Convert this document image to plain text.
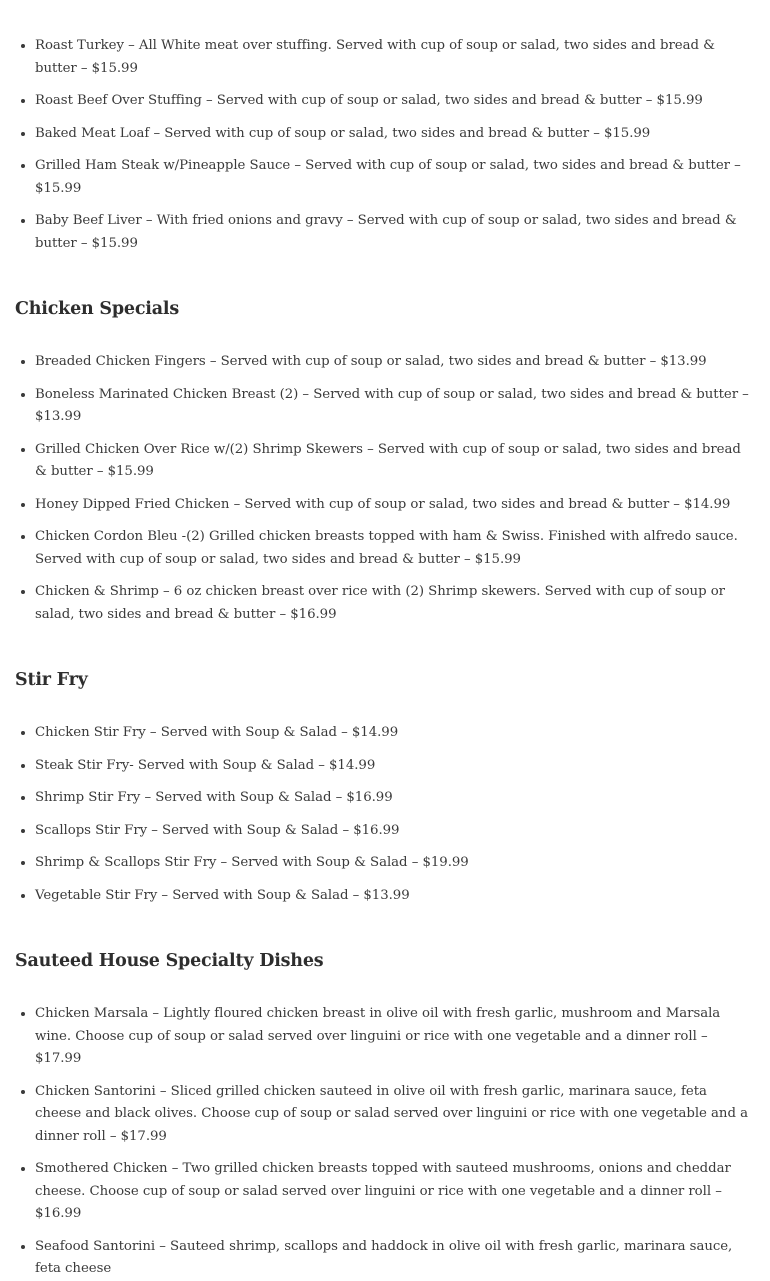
• Roast Turkey – All White meat over stuffing. Served with cup of soup or salad, two sides and bread & butter – $15.99
• Roast Beef Over Stuffing – Served with cup of soup or salad, two sides and bread & butter – $15.99
• Baked Meat Loaf – Served with cup of soup or salad, two sides and bread & butter – $15.99
• Grilled Ham Steak w/Pineapple Sauce – Served with cup of soup or salad, two sides and bread & butter – $15.99
• Baby Beef Liver – With fried onions and gravy – Served with cup of soup or salad, two sides and bread & butter – $15.99
Chicken Specials
• Breaded Chicken Fingers – Served with cup of soup or salad, two sides and bread & butter – $13.99
• Boneless Marinated Chicken Breast (2) – Served with cup of soup or salad, two sides and bread & butter – $13.99
• Grilled Chicken Over Rice w/(2) Shrimp Skewers – Served with cup of soup or salad, two sides and bread & butter – $15.99
• Honey Dipped Fried Chicken – Served with cup of soup or salad, two sides and bread & butter – $14.99
• Chicken Cordon Bleu -(2) Grilled chicken breasts topped with ham & Swiss. Finished with alfredo sauce. Served with cup of soup or salad, two sides and bread & butter – $15.99
• Chicken & Shrimp – 6 oz chicken breast over rice with (2) Shrimp skewers. Served with cup of soup or salad, two sides and bread & butter – $16.99
Stir Fry
• Chicken Stir Fry – Served with Soup & Salad – $14.99
• Steak Stir Fry- Served with Soup & Salad – $14.99
• Shrimp Stir Fry – Served with Soup & Salad – $16.99
• Scallops Stir Fry – Served with Soup & Salad – $16.99
• Shrimp & Scallops Stir Fry – Served with Soup & Salad – $19.99
• Vegetable Stir Fry – Served with Soup & Salad – $13.99
Sauteed House Specialty Dishes
• Chicken Marsala – Lightly floured chicken breast in olive oil with fresh garlic, mushroom and Marsala wine. Choose cup of soup or salad served over linguini or rice with one vegetable and a dinner roll – $17.99
• Chicken Santorini – Sliced grilled chicken sauteed in olive oil with fresh garlic, marinara sauce, feta cheese and black olives. Choose cup of soup or salad served over linguini or rice with one vegetable and a dinner roll – $17.99
• Smothered Chicken – Two grilled chicken breasts topped with sauteed mushrooms, onions and cheddar cheese. Choose cup of soup or salad served over linguini or rice with one vegetable and a dinner roll – $16.99
• Seafood Santorini – Sauteed shrimp, scallops and haddock in olive oil with fresh garlic, marinara sauce, feta cheese
